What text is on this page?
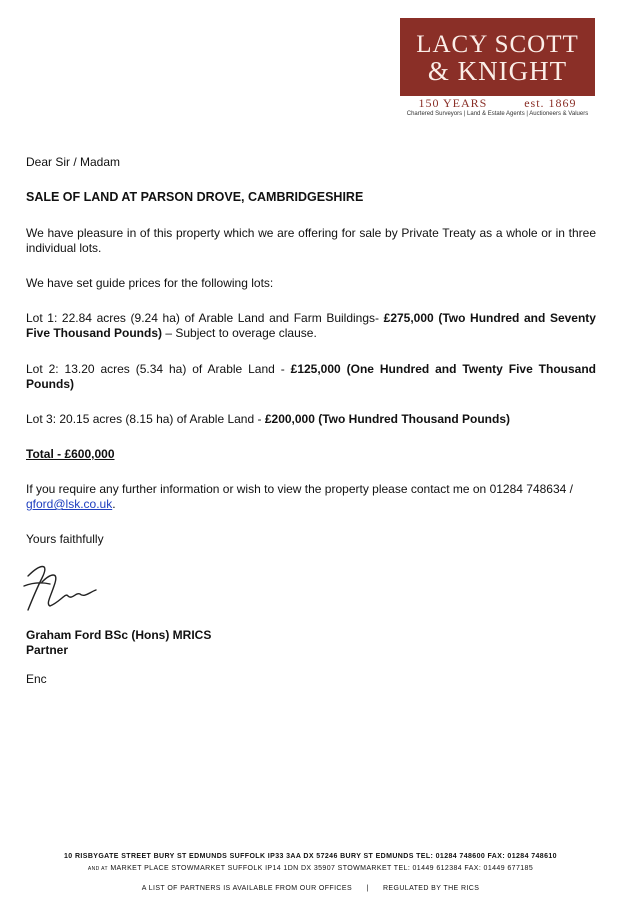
LACY SCOTT
& KNIGHT
150 YEARS	est. 1869
Chartered Surveyors | Land & Estate Agents | Auctioneers & Valuers

Dear Sir / Madam

SALE OF LAND AT PARSON DROVE, CAMBRIDGESHIRE

We have pleasure in of this property which we are offering for sale by Private Treaty as a whole or in three individual lots.

We have set guide prices for the following lots:

Lot 1: 22.84 acres (9.24 ha) of Arable Land and Farm Buildings- £275,000 (Two Hundred and Seventy Five Thousand Pounds) – Subject to overage clause.

Lot 2: 13.20 acres (5.34 ha) of Arable Land - £125,000 (One Hundred and Twenty Five Thousand Pounds)

Lot 3: 20.15 acres (8.15 ha) of Arable Land - £200,000 (Two Hundred Thousand Pounds)

Total - £600,000

If you require any further information or wish to view the property please contact me on 01284 748634 / gford@lsk.co.uk.

Yours faithfully

Graham Ford BSc (Hons) MRICS

Partner

Enc

10 RISBYGATE STREET BURY ST EDMUNDS SUFFOLK IP33 3AA DX 57246 BURY ST EDMUNDS TEL: 01284 748600 FAX: 01284 748610
AND AT MARKET PLACE STOWMARKET SUFFOLK IP14 1DN DX 35907 STOWMARKET TEL: 01449 612384 FAX: 01449 677185
A LIST OF PARTNERS IS AVAILABLE FROM OUR OFFICES | REGULATED BY THE RICS
